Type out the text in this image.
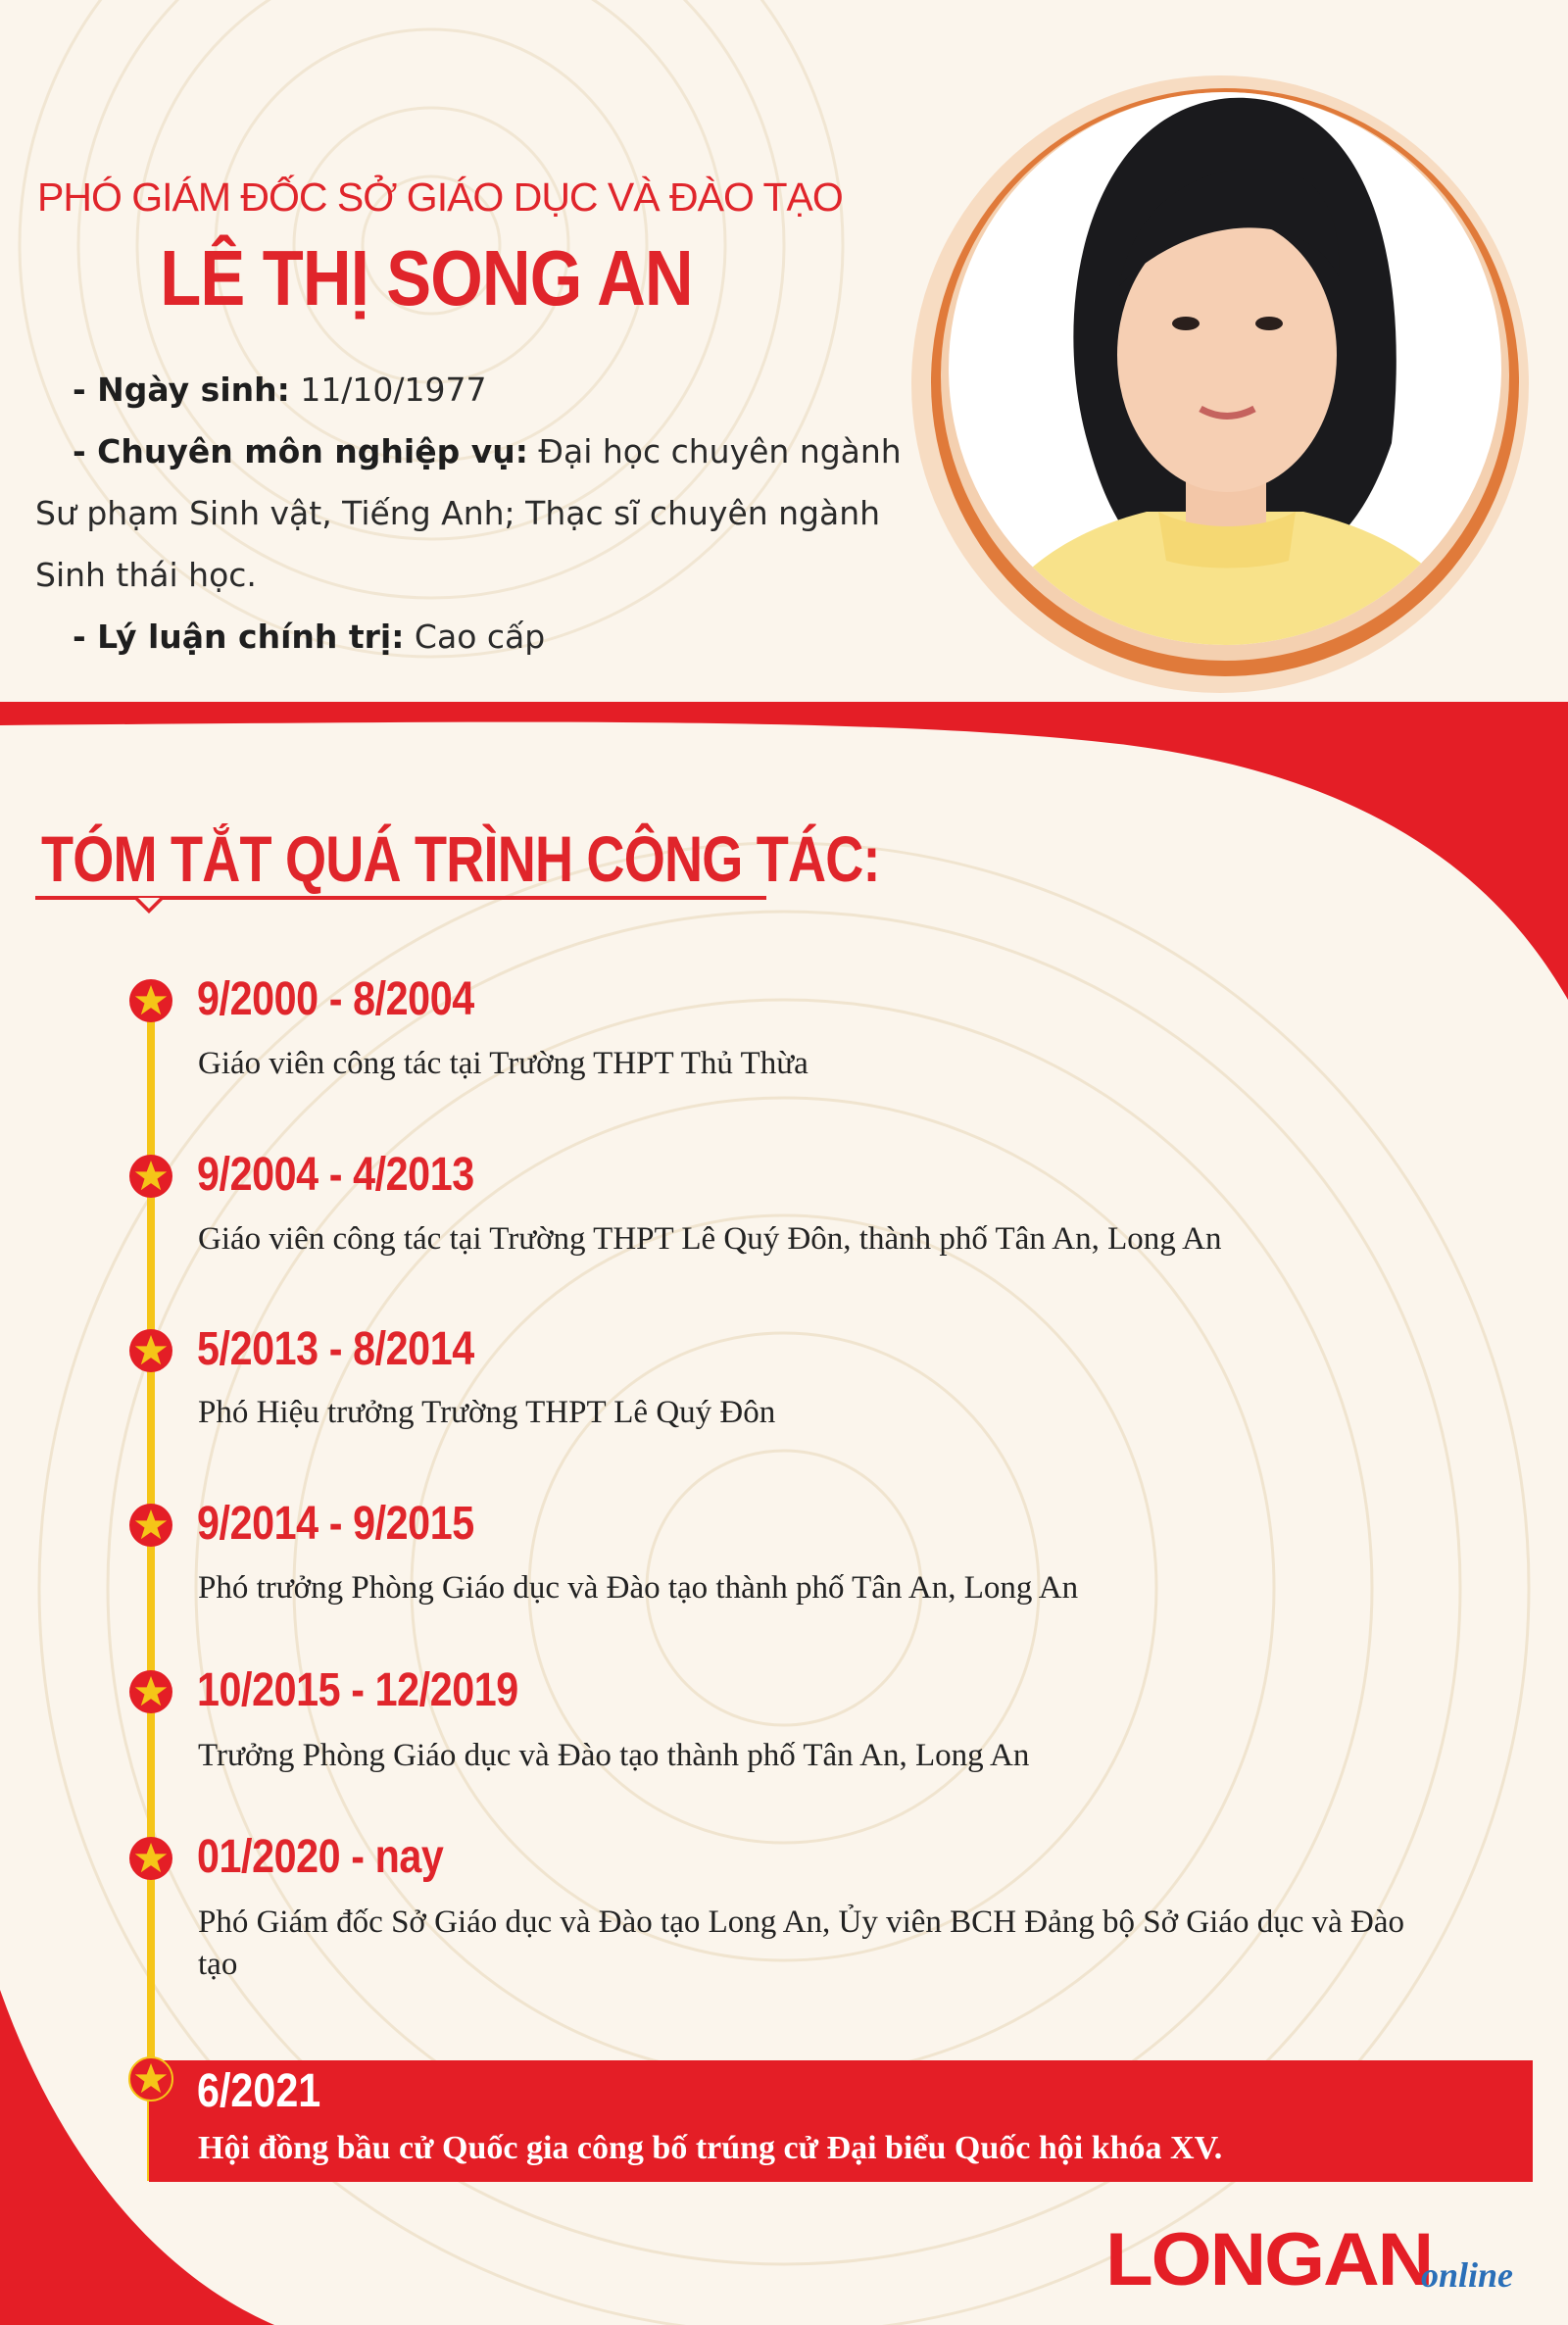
PHÓ GIÁM ĐỐC SỞ GIÁO DỤC VÀ ĐÀO TẠO
LÊ THỊ SONG AN
- Ngày sinh: 11/10/1977
- Chuyên môn nghiệp vụ: Đại học chuyên ngành
Sư phạm Sinh vật, Tiếng Anh; Thạc sĩ chuyên ngành
Sinh thái học.
- Lý luận chính trị: Cao cấp
TÓM TẮT QUÁ TRÌNH CÔNG TÁC:
9/2000 - 8/2004
Giáo viên công tác tại Trường THPT Thủ Thừa
9/2004 - 4/2013
Giáo viên công tác tại Trường THPT Lê Quý Đôn, thành phố Tân An, Long An
5/2013 - 8/2014
Phó Hiệu trưởng Trường THPT Lê Quý Đôn
9/2014 - 9/2015
Phó trưởng Phòng Giáo dục và Đào tạo thành phố Tân An, Long An
10/2015 - 12/2019
Trưởng Phòng Giáo dục và Đào tạo thành phố Tân An, Long An
01/2020 - nay
Phó Giám đốc Sở Giáo dục và Đào tạo Long An, Ủy viên BCH Đảng bộ Sở Giáo dục và Đào tạo
6/2021
Hội đồng bầu cử Quốc gia công bố trúng cử Đại biểu Quốc hội khóa XV.
LONGAN
online
